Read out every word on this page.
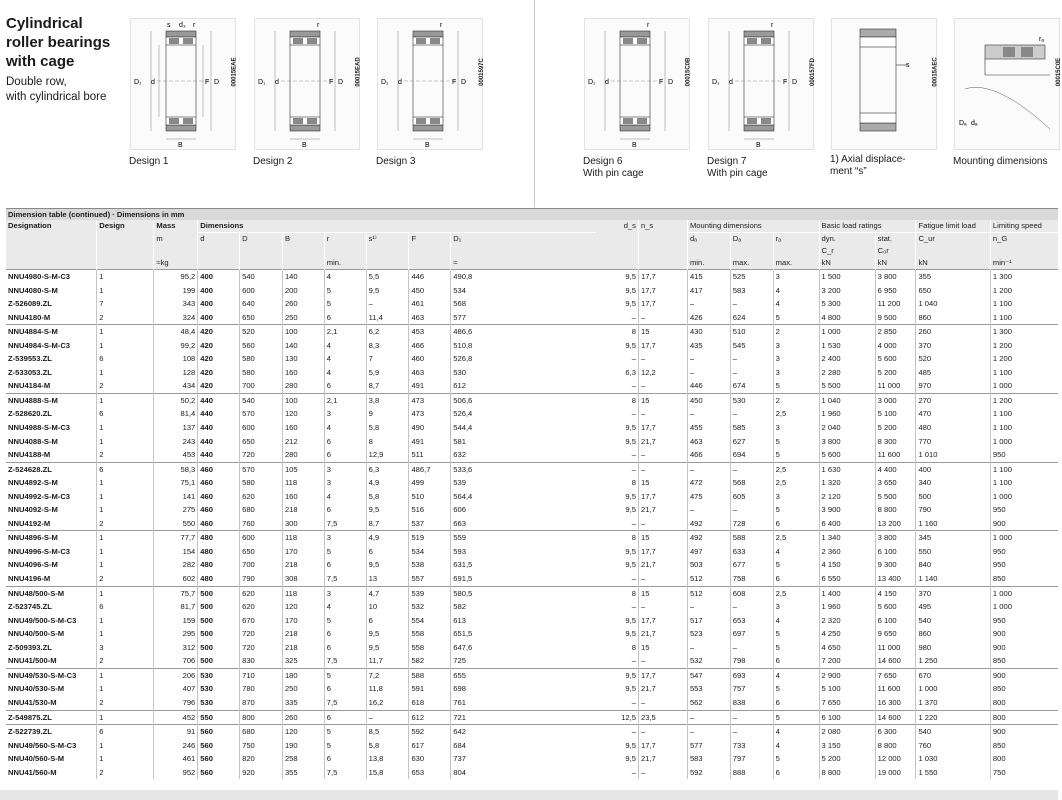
Cylindrical
roller bearings
with cage
Double row,
with cylindrical bore
s d₃ r
D₁ d	F D
B
00015EAE
Design 1
r
D₁ d	F D
B
00015EAD
Design 2
r
D₁ d	F D
B
0001597C
Design 3
r
D₁ d	F D
B
00015C0B
Design 6
With pin cage
r
D₁ d	F D
B
000157FD
Design 7
With pin cage
s	00015AEC
1) Axial displace-
ment “s”
rₐ
Dₐ dₐ
00015C0E
Mounting dimensions
Dimension table (continued) · Dimensions in mm																		
Designation	Design	Mass	Dimensions							d_s	n_s	Mounting dimensions			Basic load ratings		Fatigue limit load	Limiting speed
		m	d	D	B	r	s¹⁾	F	D₁			dₐ	Dₐ	rₐ	dyn.	stat.	C_ur	n_G
															C_r	C₀r		
		≈kg				min.			≈			min.	max.	max.	kN	kN	kN	min⁻¹
NNU4980-S-M-C3	1	95,2	400	540	140	4	5,5	446	490,8	9,5	17,7	415	525	3	1 500	3 800	355	1 300
NNU4080-S-M	1	199	400	600	200	5	9,5	450	534	9,5	17,7	417	583	4	3 200	6 950	650	1 200
Z-526089.ZL	7	343	400	640	260	5	–	461	568	9,5	17,7	–	–	4	5 300	11 200	1 040	1 100
NNU4180-M	2	324	400	650	250	6	11,4	463	577	–	–	426	624	5	4 800	9 500	860	1 100
NNU4884-S-M	1	48,4	420	520	100	2,1	6,2	453	486,6	8	15	430	510	2	1 000	2 850	260	1 300
NNU4984-S-M-C3	1	99,2	420	560	140	4	8,3	466	510,8	9,5	17,7	435	545	3	1 530	4 000	370	1 200
Z-539553.ZL	6	108	420	580	130	4	7	460	526,8	–	–	–	–	3	2 400	5 600	520	1 200
Z-533053.ZL	1	128	420	580	160	4	5,9	463	530	6,3	12,2	–	–	3	2 280	5 200	485	1 100
NNU4184-M	2	434	420	700	280	6	8,7	491	612	–	–	446	674	5	5 500	11 000	970	1 000
NNU4888-S-M	1	50,2	440	540	100	2,1	3,8	473	506,6	8	15	450	530	2	1 040	3 000	270	1 200
Z-528620.ZL	6	81,4	440	570	120	3	9	473	526,4	–	–	–	–	2,5	1 960	5 100	470	1 100
NNU4988-S-M-C3	1	137	440	600	160	4	5,8	490	544,4	9,5	17,7	455	585	3	2 040	5 200	480	1 100
NNU4088-S-M	1	243	440	650	212	6	8	491	581	9,5	21,7	463	627	5	3 800	8 300	770	1 000
NNU4188-M	2	453	440	720	280	6	12,9	511	632	–	–	466	694	5	5 600	11 600	1 010	950
Z-524628.ZL	6	58,3	460	570	105	3	6,3	486,7	533,6	–	–	–	–	2,5	1 630	4 400	400	1 100
NNU4892-S-M	1	75,1	460	580	118	3	4,9	499	539	8	15	472	568	2,5	1 320	3 650	340	1 100
NNU4992-S-M-C3	1	141	460	620	160	4	5,8	510	564,4	9,5	17,7	475	605	3	2 120	5 500	500	1 000
NNU4092-S-M	1	275	460	680	218	6	9,5	516	606	9,5	21,7	–	–	5	3 900	8 800	790	950
NNU4192-M	2	550	460	760	300	7,5	8,7	537	663	–	–	492	728	6	6 400	13 200	1 160	900
NNU4896-S-M	1	77,7	480	600	118	3	4,9	519	559	8	15	492	588	2,5	1 340	3 800	345	1 000
NNU4996-S-M-C3	1	154	480	650	170	5	6	534	593	9,5	17,7	497	633	4	2 360	6 100	550	950
NNU4096-S-M	1	282	480	700	218	6	9,5	538	631,5	9,5	21,7	503	677	5	4 150	9 300	840	950
NNU4196-M	2	602	480	790	308	7,5	13	557	691,5	–	–	512	758	6	6 550	13 400	1 140	850
NNU48/500-S-M	1	75,7	500	620	118	3	4,7	539	580,5	8	15	512	608	2,5	1 400	4 150	370	1 000
Z-523745.ZL	6	81,7	500	620	120	4	10	532	582	–	–	–	–	3	1 960	5 600	495	1 000
NNU49/500-S-M-C3	1	159	500	670	170	5	6	554	613	9,5	17,7	517	653	4	2 320	6 100	540	950
NNU40/500-S-M	1	295	500	720	218	6	9,5	558	651,5	9,5	21,7	523	697	5	4 250	9 650	860	900
Z-509393.ZL	3	312	500	720	218	6	9,5	558	647,6	8	15	–	–	5	4 650	11 000	980	900
NNU41/500-M	2	706	500	830	325	7,5	11,7	582	725	–	–	532	798	6	7 200	14 600	1 250	850
NNU49/530-S-M-C3	1	206	530	710	180	5	7,2	588	655	9,5	17,7	547	693	4	2 900	7 650	670	900
NNU40/530-S-M	1	407	530	780	250	6	11,8	591	698	9,5	21,7	553	757	5	5 100	11 600	1 000	850
NNU41/530-M	2	796	530	870	335	7,5	16,2	618	761	–	–	562	838	6	7 650	16 300	1 370	800
Z-549875.ZL	1	452	550	800	260	6	–	612	721	12,5	23,5	–	–	5	6 100	14 600	1 220	800
Z-522739.ZL	6	91	560	680	120	5	8,5	592	642	–	–	–	–	4	2 080	6 300	540	900
NNU49/560-S-M-C3	1	246	560	750	190	5	5,8	617	684	9,5	17,7	577	733	4	3 150	8 800	760	850
NNU40/560-S-M	1	461	560	820	258	6	13,8	630	737	9,5	21,7	583	797	5	5 200	12 000	1 030	800
NNU41/560-M	2	952	560	920	355	7,5	15,8	653	804	–	–	592	888	6	8 800	19 000	1 550	750
